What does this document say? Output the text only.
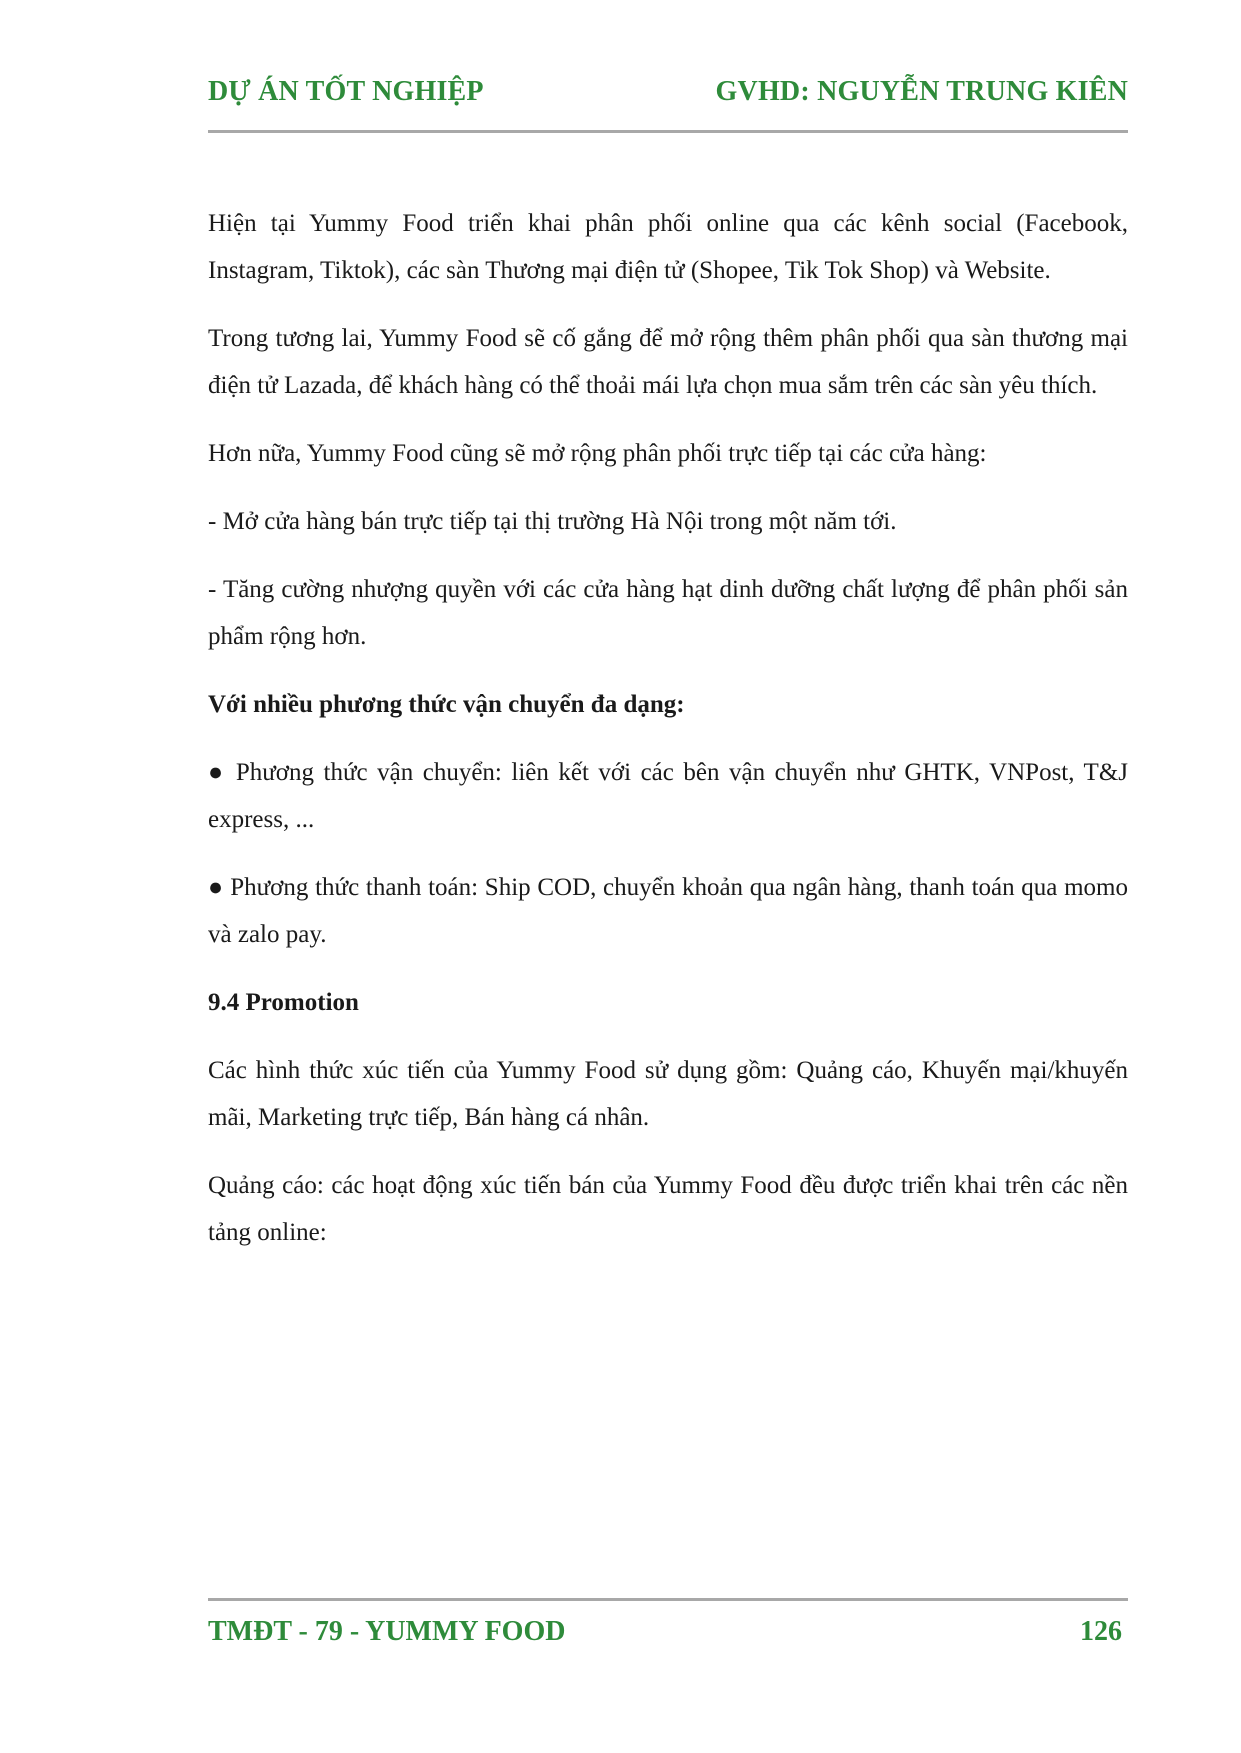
DỰ ÁN TỐT NGHIỆP	GVHD: NGUYỄN TRUNG KIÊN

Hiện tại Yummy Food triển khai phân phối online qua các kênh social (Facebook, Instagram, Tiktok), các sàn Thương mại điện tử (Shopee, Tik Tok Shop) và Website.

Trong tương lai, Yummy Food sẽ cố gắng để mở rộng thêm phân phối qua sàn thương mại điện tử Lazada, để khách hàng có thể thoải mái lựa chọn mua sắm trên các sàn yêu thích.

Hơn nữa, Yummy Food cũng sẽ mở rộng phân phối trực tiếp tại các cửa hàng:

- Mở cửa hàng bán trực tiếp tại thị trường Hà Nội trong một năm tới.

- Tăng cường nhượng quyền với các cửa hàng hạt dinh dưỡng chất lượng để phân phối sản phẩm rộng hơn.

Với nhiều phương thức vận chuyển đa dạng:

● Phương thức vận chuyển: liên kết với các bên vận chuyển như GHTK, VNPost, T&J express, ...

● Phương thức thanh toán: Ship COD, chuyển khoản qua ngân hàng, thanh toán qua momo và zalo pay.

9.4 Promotion

Các hình thức xúc tiến của Yummy Food sử dụng gồm: Quảng cáo, Khuyến mại/khuyến mãi, Marketing trực tiếp, Bán hàng cá nhân.

Quảng cáo: các hoạt động xúc tiến bán của Yummy Food đều được triển khai trên các nền tảng online:

TMĐT - 79 - YUMMY FOOD	126
